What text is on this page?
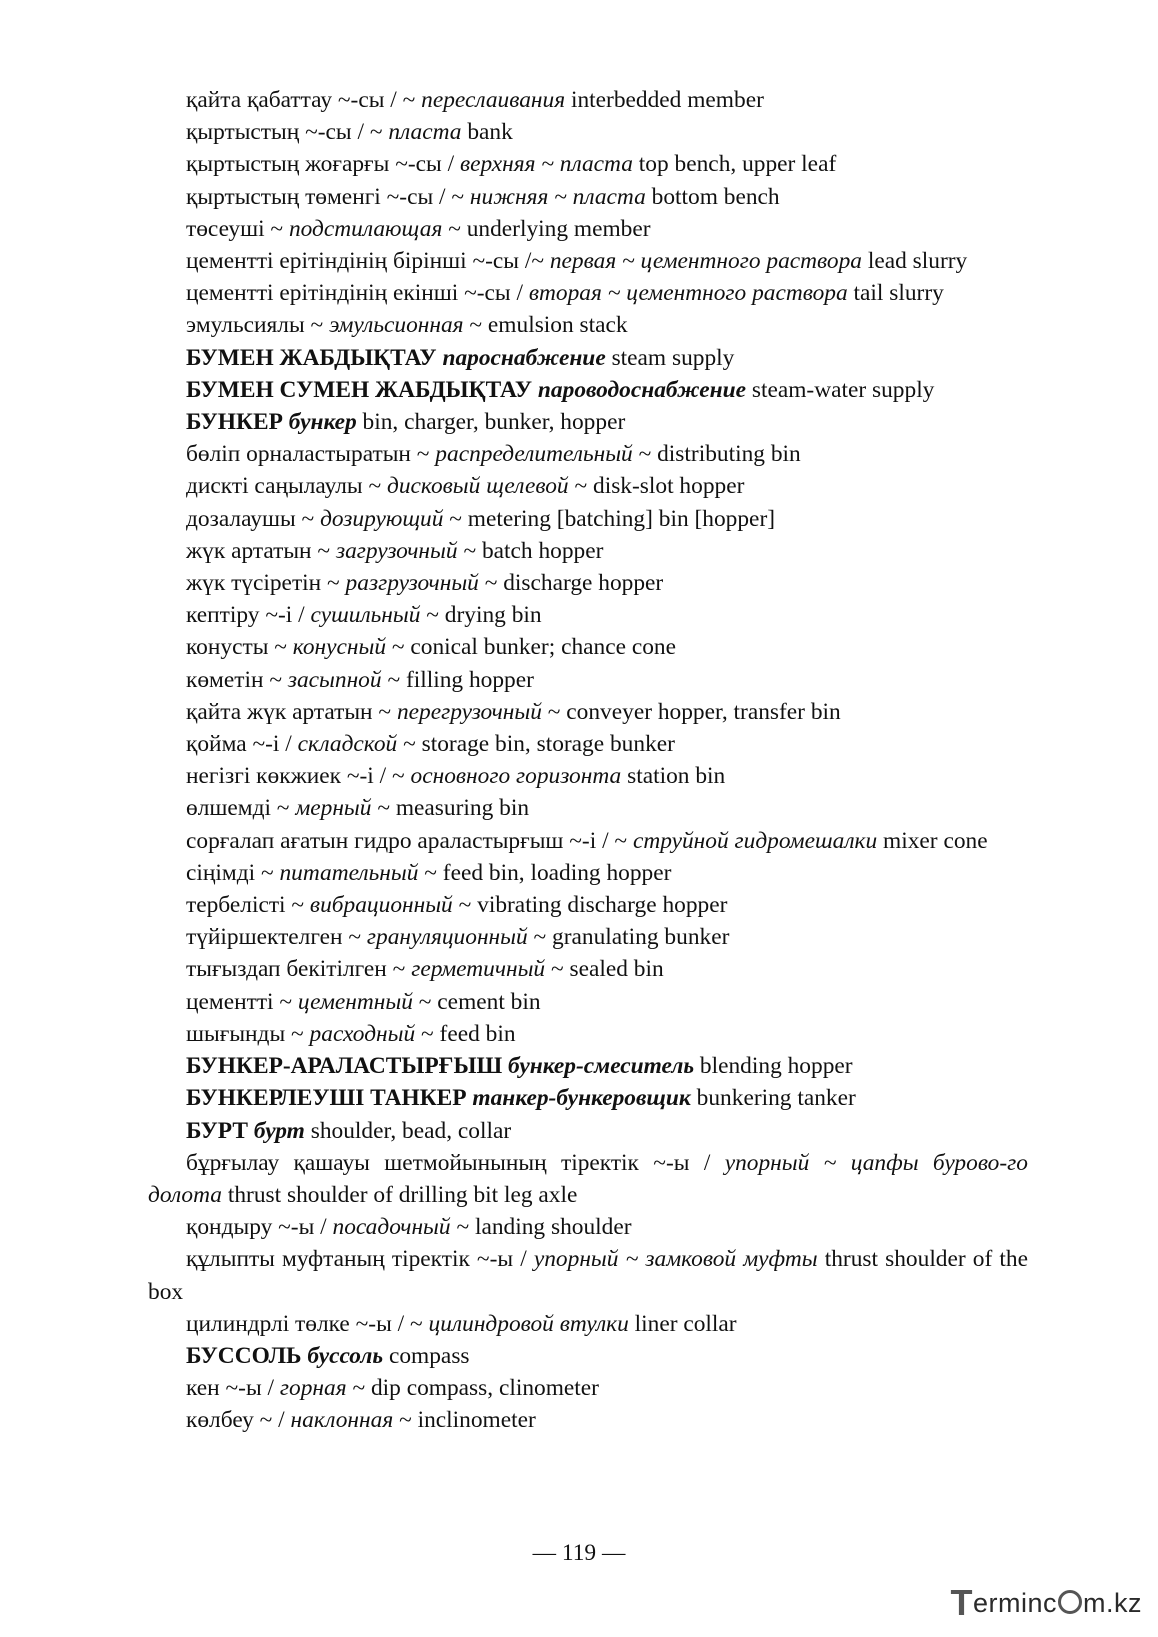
қайта қабаттау ~-сы / ~ переслаивания interbedded member
қыртыстың ~-сы / ~ пласта bank
қыртыстың жоғарғы ~-сы / верхняя ~ пласта top bench, upper leaf
қыртыстың төменгі ~-сы / ~ нижняя ~ пласта bottom bench
төсеуші ~ подстилающая ~ underlying member
цементті ерітіндінің бірінші ~-сы /~ первая ~ цементного раствора lead slurry
цементті ерітіндінің екінші ~-сы / вторая ~ цементного раствора tail slurry
эмульсиялы ~ эмульсионная ~ emulsion stack
БУМЕН ЖАБДЫҚТАУ пароснабжение steam supply
БУМЕН СУМЕН ЖАБДЫҚТАУ пароводоснабжение steam-water supply
БУНКЕР бункер bin, charger, bunker, hopper
бөліп орналастыратын ~ распределительный ~ distributing bin
дискті саңылаулы ~ дисковый щелевой ~ disk-slot hopper
дозалаушы ~ дозирующий ~ metering [batching] bin [hopper]
жүк артатын ~ загрузочный ~ batch hopper
жүк түсіретін ~ разгрузочный ~ discharge hopper
кептіру ~-і / сушильный ~ drying bin
конусты ~ конусный ~ conical bunker; chance cone
көметін ~ засыпной ~ filling hopper
қайта жүк артатын ~ перегрузочный ~ conveyer hopper, transfer bin
қойма ~-і / складской ~ storage bin, storage bunker
негізгі көкжиек ~-і / ~ основного горизонта station bin
өлшемді ~ мерный ~ measuring bin
сорғалап ағатын гидро араластырғыш ~-і / ~ струйной гидромешалки mixer cone
сіңімді ~ питательный ~ feed bin, loading hopper
тербелісті ~ вибрационный ~ vibrating discharge hopper
түйіршектелген ~ грануляционный ~ granulating bunker
тығыздап бекітілген ~ герметичный ~ sealed bin
цементті ~ цементный ~ cement bin
шығынды ~ расходный ~ feed bin
БУНКЕР-АРАЛАСТЫРҒЫШ бункер-смеситель blending hopper
БУНКЕРЛЕУШІ ТАНКЕР танкер-бункеровщик bunkering tanker
БУРТ бурт shoulder, bead, collar
бұрғылау қашауы шетмойынының тіректік ~-ы / упорный ~ цапфы бурово-го долота thrust shoulder of drilling bit leg axle
қондыру ~-ы / посадочный ~ landing shoulder
құлыпты муфтаның тіректік ~-ы / упорный ~ замковой муфты thrust shoulder of the box
цилиндрлі төлке ~-ы / ~ цилиндровой втулки liner collar
БУССОЛЬ буссоль compass
кен ~-ы / горная ~ dip compass, clinometer
көлбеу ~ / наклонная ~ inclinometer
— 119 —
T erminc m.kz
